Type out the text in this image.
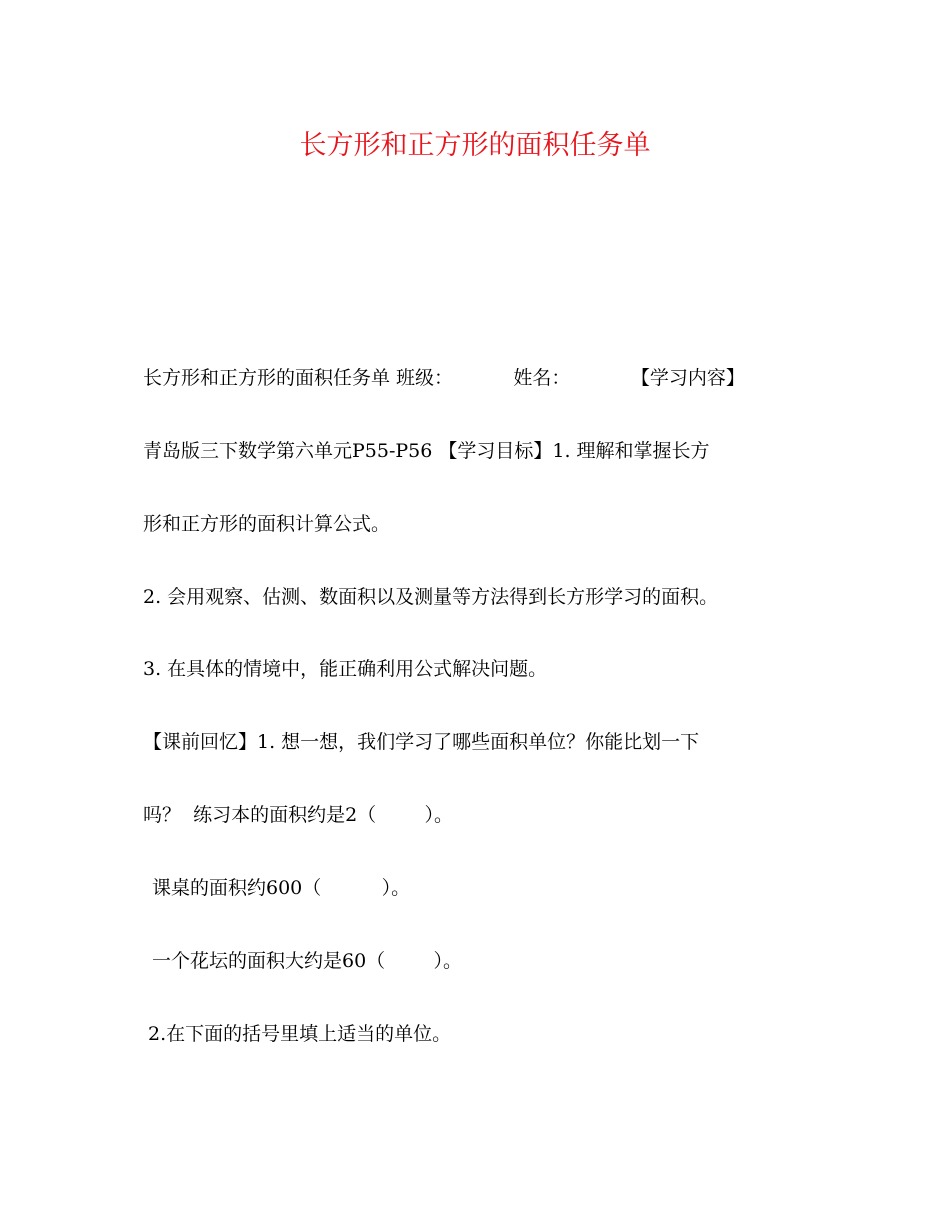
长方形和正方形的面积任务单
长方形和正方形的面积任务单 班级：          姓名：          【学习内容】
青岛版三下数学第六单元P55-P56 【学习目标】1. 理解和掌握长方
形和正方形的面积计算公式。
2. 会用观察、估测、数面积以及测量等方法得到长方形学习的面积。
3. 在具体的情境中，能正确利用公式解决问题。
【课前回忆】1. 想一想，我们学习了哪些面积单位？你能比划一下
吗？  练习本的面积约是2（        ）。
课桌的面积约600（          ）。
一个花坛的面积大约是60（        ）。
2.在下面的括号里填上适当的单位。
